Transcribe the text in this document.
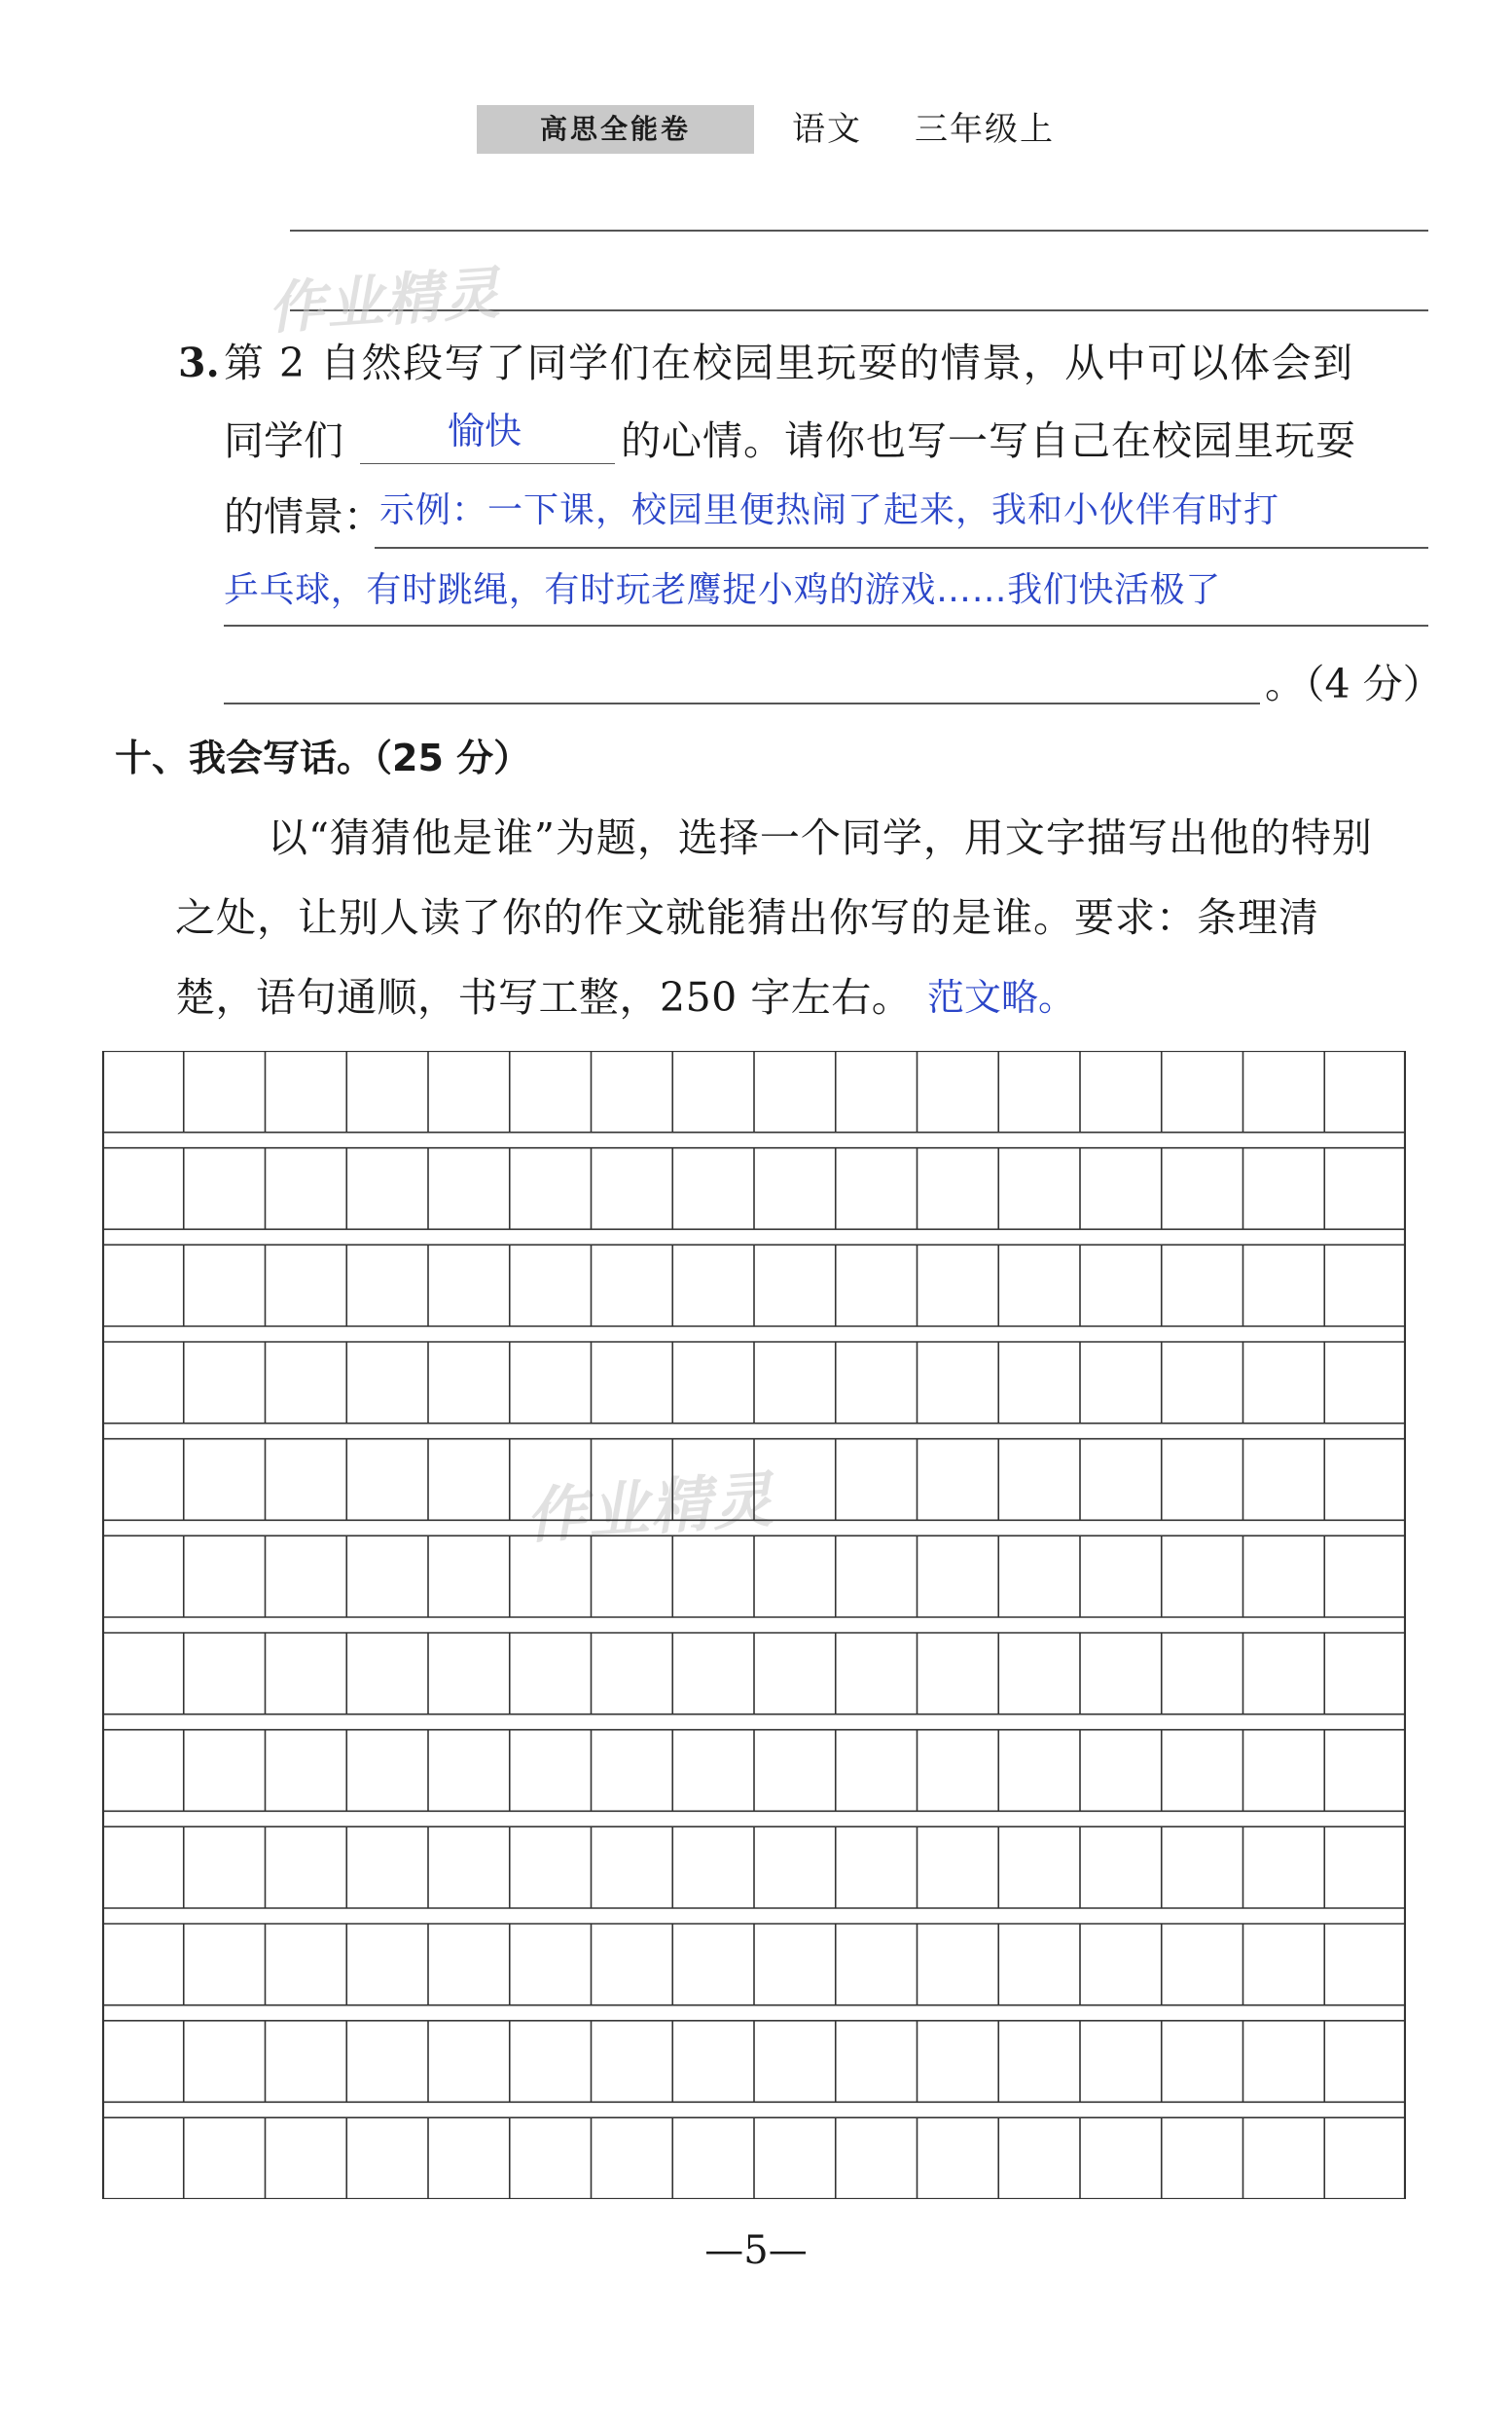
高思全能卷	语文 三年级上
作业精灵
作业精灵
3. 第 2 自然段写了同学们在校园里玩耍的情景，从中可以体会到
同学们	愉快 的心情。请你也写一写自己在校园里玩耍
的情景：
示例：一下课，校园里便热闹了起来，我和小伙伴有时打
乒乓球，有时跳绳，有时玩老鹰捉小鸡的游戏……我们快活极了
。（4 分）
十、我会写话。（25 分）
以“猜猜他是谁”为题，选择一个同学，用文字描写出他的特别
之处，让别人读了你的作文就能猜出你写的是谁。要求：条理清
楚，语句通顺，书写工整，250 字左右。 范文略。
—5—
